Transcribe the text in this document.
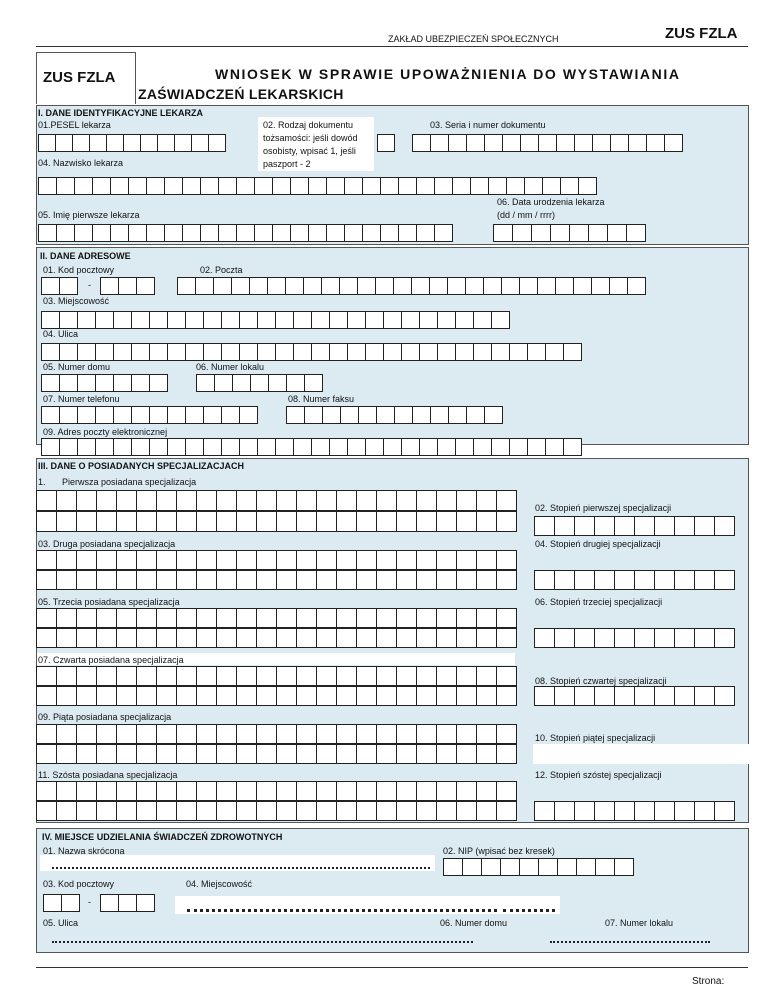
ZAKŁAD UBEZPIECZEŃ SPOŁECZNYCH	ZUS FZLA
ZUS FZLA	WNIOSEK W SPRAWIE UPOWAŻNIENIA DO WYSTAWIANIA
ZAŚWIADCZEŃ LEKARSKICH
I. DANE IDENTYFIKACYJNE LEKARZA
01.PESEL lekarza	02. Rodzaj dokumentu
tożsamości: jeśli dowód
osobisty, wpisać 1, jeśli
paszport - 2
03. Seria i numer dokumentu
04. Nazwisko lekarza
06. Data urodzenia lekarza
(dd / mm / rrrr)
05. Imię pierwsze lekarza
II. DANE ADRESOWE
01. Kod pocztowy
-
02. Poczta
03. Miejscowość
04. Ulica
05. Numer domu	06. Numer lokalu
07. Numer telefonu	08. Numer faksu
09. Adres poczty elektronicznej
III. DANE O POSIADANYCH SPECJALIZACJACH
1. Pierwsza posiadana specjalizacja
02. Stopień pierwszej specjalizacji
03. Druga posiadana specjalizacja	04. Stopień drugiej specjalizacji
05. Trzecia posiadana specjalizacja	06. Stopień trzeciej specjalizacji
07. Czwarta posiadana specjalizacja
08. Stopień czwartej specjalizacji
09. Piąta posiadana specjalizacja
10. Stopień piątej specjalizacji
11. Szósta posiadana specjalizacja	12. Stopień szóstej specjalizacji
IV. MIEJSCE UDZIELANIA ŚWIADCZEŃ ZDROWOTNYCH
01. Nazwa skrócona	02. NIP (wpisać bez kresek)
03. Kod pocztowy
-
04. Miejscowość
05. Ulica	06. Numer domu	07. Numer lokalu
Strona:
